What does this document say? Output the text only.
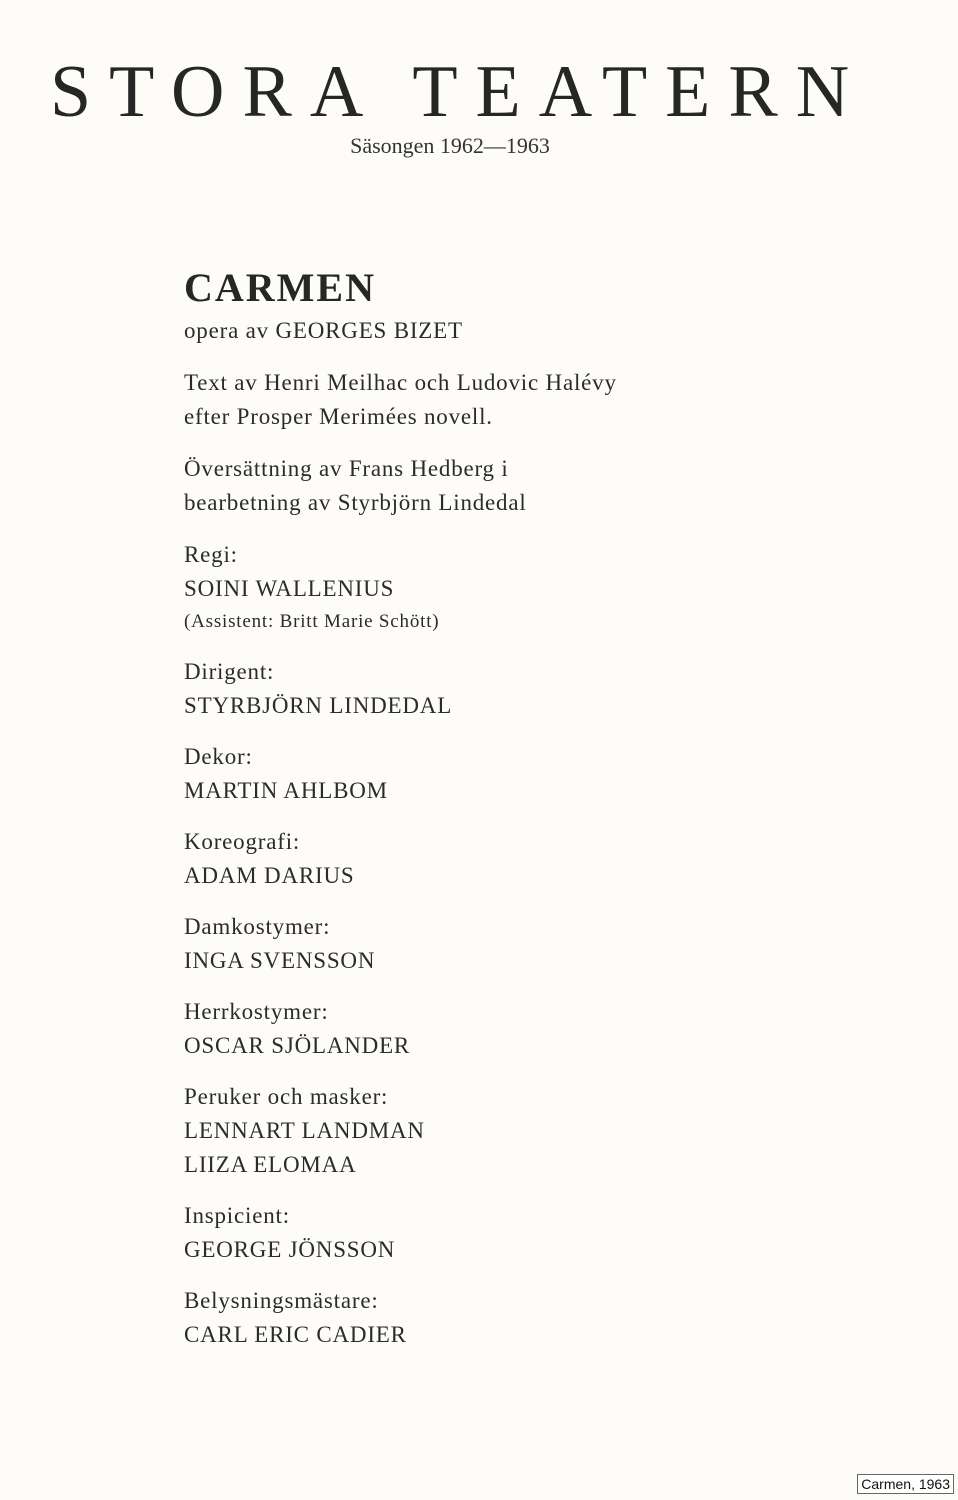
STORA TEATERN
Säsongen 1962—1963
CARMEN
opera av GEORGES BIZET
Text av Henri Meilhac och Ludovic Halévy
efter Prosper Merimées novell.
Översättning av Frans Hedberg i
bearbetning av Styrbjörn Lindedal
Regi:
SOINI WALLENIUS
(Assistent: Britt Marie Schött)
Dirigent:
STYRBJÖRN LINDEDAL
Dekor:
MARTIN AHLBOM
Koreografi:
ADAM DARIUS
Damkostymer:
INGA SVENSSON
Herrkostymer:
OSCAR SJÖLANDER
Peruker och masker:
LENNART LANDMAN
LIIZA ELOMAA
Inspicient:
GEORGE JÖNSSON
Belysningsmästare:
CARL ERIC CADIER
Carmen, 1963
